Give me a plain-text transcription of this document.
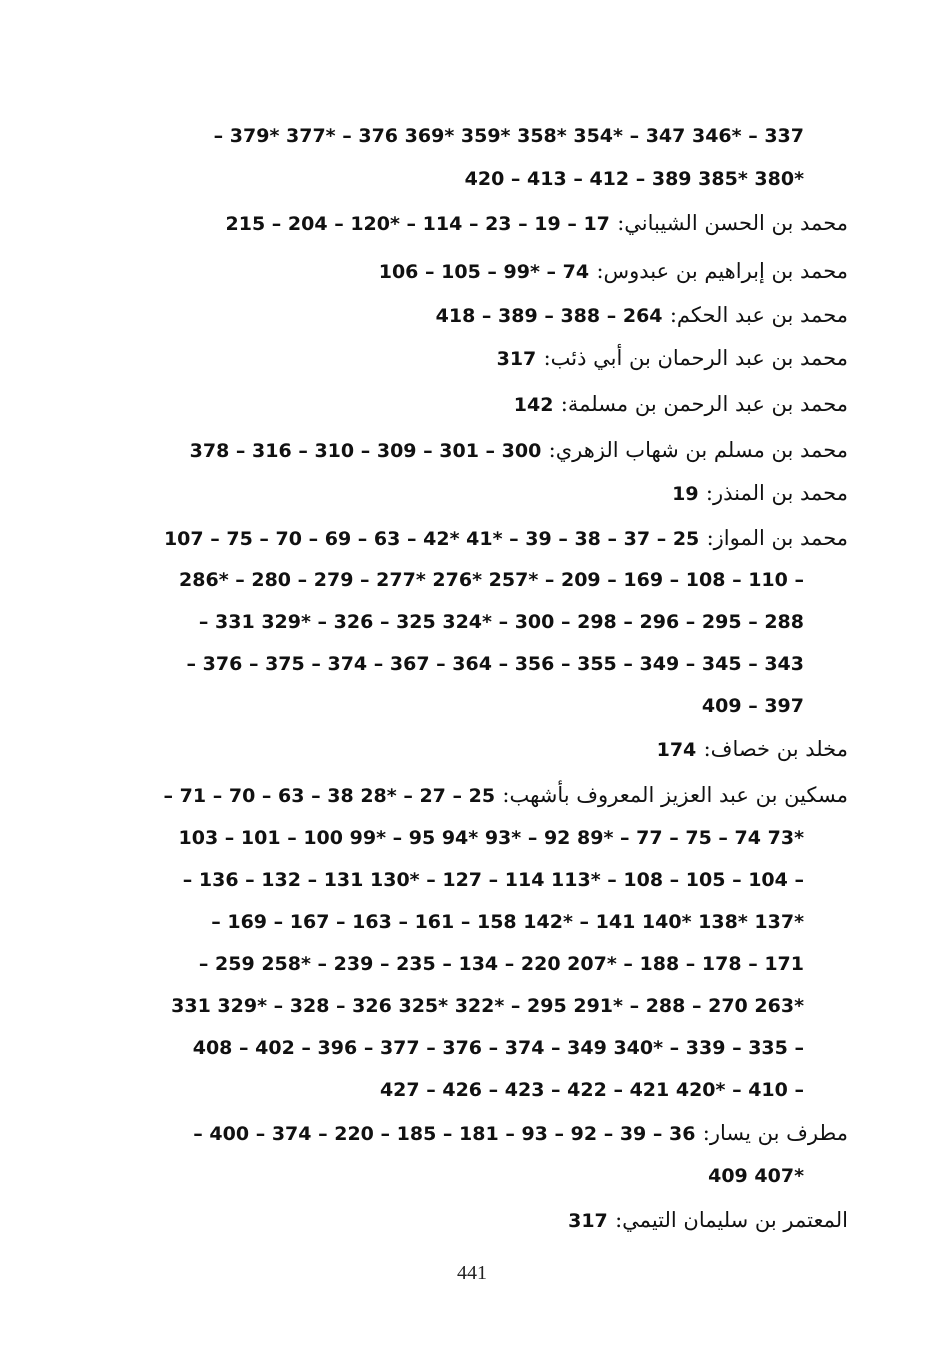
337 – *346 347 – *354 *358 *359 *369 376 – *377 *379 –
*380 *385 389 – 412 – 413 – 420
محمد بن الحسن الشيباني: 17 – 19 – 23 – 114 – *120 – 204 – 215
محمد بن إبراهيم بن عبدوس: 74 – *99 – 105 – 106
محمد بن عبد الحكم: 264 – 388 – 389 – 418
محمد بن عبد الرحمان بن أبي ذئب: 317
محمد بن عبد الرحمن بن مسلمة: 142
محمد بن مسلم بن شهاب الزهري: 300 – 301 – 309 – 310 – 316 – 378
محمد بن المنذر: 19
محمد بن المواز: 25 – 37 – 38 – 39 – *41 *42 – 63 – 69 – 70 – 75 – 107
– 110 – 108 – 169 – 209 – *257 *276 *277 – 279 – 280 – *286
288 – 295 – 296 – 298 – 300 – *324 325 – 326 – *329 331 –
343 – 345 – 349 – 355 – 356 – 364 – 367 – 374 – 375 – 376 –
397 – 409
مخلد بن خصاف: 174
مسكين بن عبد العزيز المعروف بأشهب: 25 – 27 – *28 38 – 63 – 70 – 71 –
*73 74 – 75 – 77 – *89 92 – *93 *94 95 – *99 100 – 101 – 103
– 104 – 105 – 108 – *113 114 – 127 – *130 131 – 132 – 136 –
*137 *138 *140 141 – *142 158 – 161 – 163 – 167 – 169 –
171 – 178 – 188 – *207 220 – 134 – 235 – 239 – *258 259 –
*263 270 – 288 – *291 295 – *322 *325 326 – 328 – *329 331
– 335 – 339 – *340 349 – 374 – 376 – 377 – 396 – 402 – 408
– 410 – *420 421 – 422 – 423 – 426 – 427
مطرف بن يسار: 36 – 39 – 92 – 93 – 181 – 185 – 220 – 374 – 400 –
*407 409
المعتمر بن سليمان التيمي: 317
441
